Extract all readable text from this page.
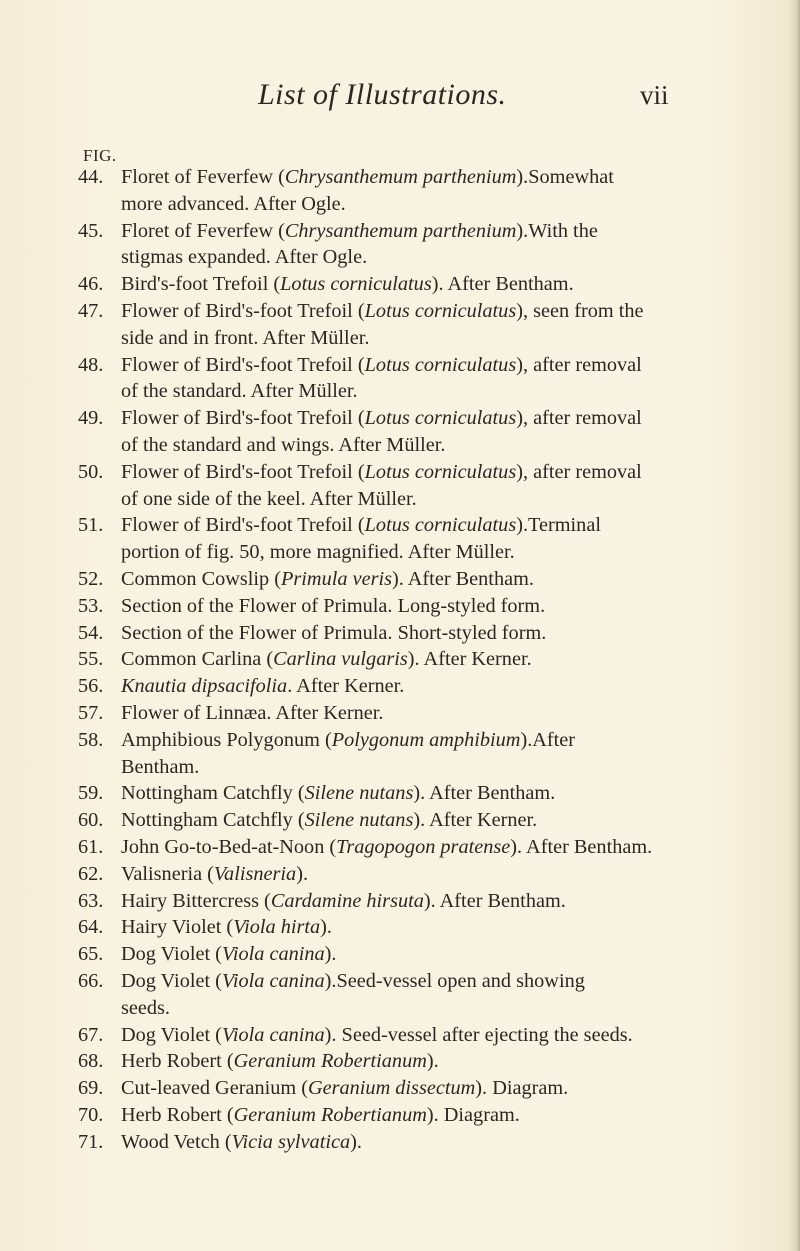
List of Illustrations.	vii
FIG.
44. Floret of Feverfew (Chrysanthemum parthenium).Somewhat
more advanced. After Ogle.
45. Floret of Feverfew (Chrysanthemum parthenium).With the
stigmas expanded. After Ogle.
46. Bird's-foot Trefoil (Lotus corniculatus). After Bentham.
47. Flower of Bird's-foot Trefoil (Lotus corniculatus), seen from the
side and in front. After Müller.
48. Flower of Bird's-foot Trefoil (Lotus corniculatus), after removal
of the standard. After Müller.
49. Flower of Bird's-foot Trefoil (Lotus corniculatus), after removal
of the standard and wings. After Müller.
50. Flower of Bird's-foot Trefoil (Lotus corniculatus), after removal
of one side of the keel. After Müller.
51. Flower of Bird's-foot Trefoil (Lotus corniculatus).Terminal
portion of fig. 50, more magnified. After Müller.
52. Common Cowslip (Primula veris). After Bentham.
53. Section of the Flower of Primula. Long-styled form.
54. Section of the Flower of Primula. Short-styled form.
55. Common Carlina (Carlina vulgaris). After Kerner.
56. Knautia dipsacifolia. After Kerner.
57. Flower of Linnæa. After Kerner.
58. Amphibious Polygonum (Polygonum amphibium).After
Bentham.
59. Nottingham Catchfly (Silene nutans). After Bentham.
60. Nottingham Catchfly (Silene nutans). After Kerner.
61. John Go-to-Bed-at-Noon (Tragopogon pratense). After Bentham.
62. Valisneria (Valisneria).
63. Hairy Bittercress (Cardamine hirsuta). After Bentham.
64. Hairy Violet (Viola hirta).
65. Dog Violet (Viola canina).
66. Dog Violet (Viola canina).Seed-vessel open and showing
seeds.
67. Dog Violet (Viola canina). Seed-vessel after ejecting the seeds.
68. Herb Robert (Geranium Robertianum).
69. Cut-leaved Geranium (Geranium dissectum). Diagram.
70. Herb Robert (Geranium Robertianum). Diagram.
71. Wood Vetch (Vicia sylvatica).
